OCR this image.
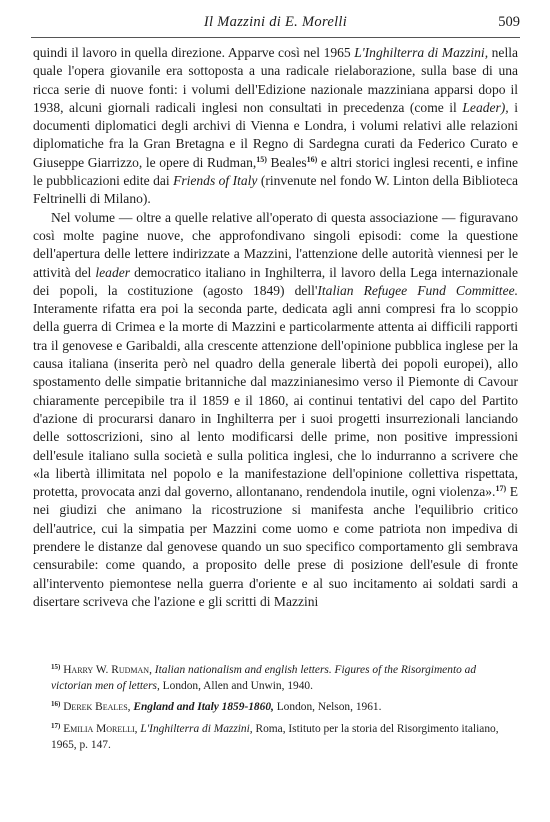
Il Mazzini di E. Morelli	509

quindi il lavoro in quella direzione. Apparve così nel 1965 L'Inghilterra di Mazzini, nella quale l'opera giovanile era sottoposta a una radicale rielaborazione, sulla base di una ricca serie di nuove fonti: i volumi dell'Edizione nazionale mazziniana apparsi dopo il 1938, alcuni giornali radicali inglesi non consultati in precedenza (come il Leader), i documenti diplomatici degli archivi di Vienna e Londra, i volumi relativi alle relazioni diplomatiche fra la Gran Bretagna e il Regno di Sardegna curati da Federico Curato e Giuseppe Giarrizzo, le opere di Rudman,$^{15)}$ Beales$^{16)}$ e altri storici inglesi recenti, e infine le pubblicazioni edite dai Friends of Italy (rinvenute nel fondo W. Linton della Biblioteca Feltrinelli di Milano).

Nel volume — oltre a quelle relative all'operato di questa associazione — figuravano così molte pagine nuove, che approfondivano singoli episodi: come la questione dell'apertura delle lettere indirizzate a Mazzini, l'attenzione delle autorità viennesi per le attività del leader democratico italiano in Inghilterra, il lavoro della Lega internazionale dei popoli, la costituzione (agosto 1849) dell'Italian Refugee Fund Committee. Interamente rifatta era poi la seconda parte, dedicata agli anni compresi fra lo scoppio della guerra di Crimea e la morte di Mazzini e particolarmente attenta ai difficili rapporti tra il genovese e Garibaldi, alla crescente attenzione dell'opinione pubblica inglese per la causa italiana (inserita però nel quadro della generale libertà dei popoli europei), allo spostamento delle simpatie britanniche dal mazzinianesimo verso il Piemonte di Cavour chiaramente percepibile tra il 1859 e il 1860, ai continui tentativi del capo del Partito d'azione di procurarsi danaro in Inghilterra per i suoi progetti insurrezionali lanciando delle sottoscrizioni, sino al lento modificarsi delle prime, non positive impressioni dell'esule italiano sulla società e sulla politica inglesi, che lo indurranno a scrivere che «la libertà illimitata nel popolo e la manifestazione dell'opinione collettiva rispettata, protetta, provocata anzi dal governo, allontanano, rendendola inutile, ogni violenza».$^{17)}$ E nei giudizi che animano la ricostruzione si manifesta anche l'equilibrio critico dell'autrice, cui la simpatia per Mazzini come uomo e come patriota non impediva di prendere le distanze dal genovese quando un suo specifico comportamento gli sembrava censurabile: come quando, a proposito delle prese di posizione dell'esule di fronte all'intervento piemontese nella guerra d'oriente e al suo incitamento ai soldati sardi a disertare scriveva che l'azione e gli scritti di Mazzini

$^{15)}$ Harry W. Rudman, Italian nationalism and english letters. Figures of the Risorgimento ad victorian men of letters, London, Allen and Unwin, 1940.

$^{16)}$ Derek Beales, England and Italy 1859-1860, London, Nelson, 1961.

$^{17)}$ Emilia Morelli, L'Inghilterra di Mazzini, Roma, Istituto per la storia del Risorgimento italiano, 1965, p. 147.
